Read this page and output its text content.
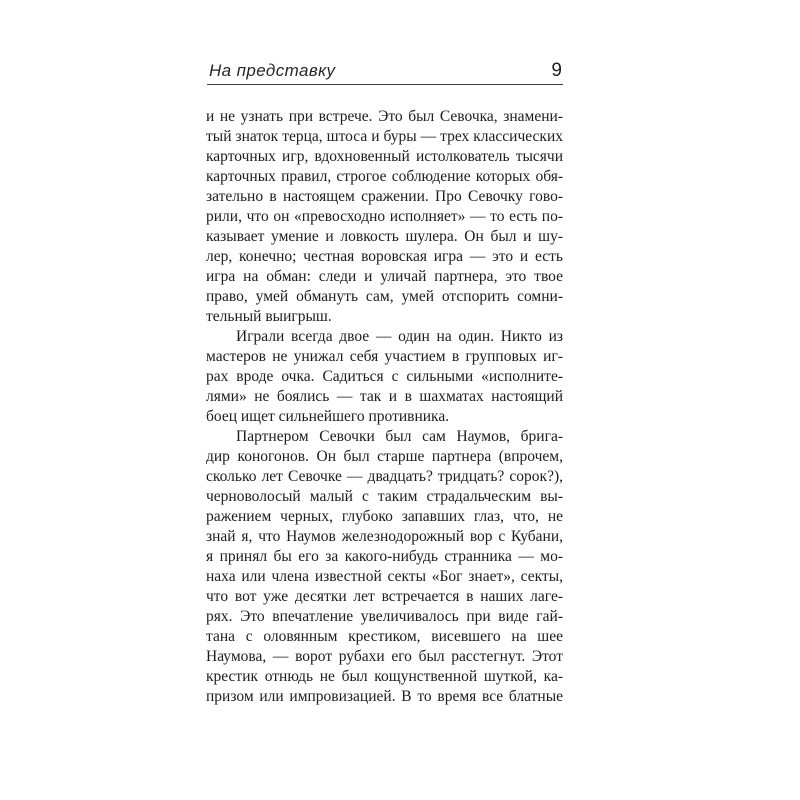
На представку	9
и не узнать при встрече. Это был Севочка, знамени-
тый знаток терца, штоса и буры — трех классических
карточных игр, вдохновенный истолкователь тысячи
карточных правил, строгое соблюдение которых обя-
зательно в настоящем сражении. Про Севочку гово-
рили, что он «превосходно исполняет» — то есть по-
казывает умение и ловкость шулера. Он был и шу-
лер, конечно; честная воровская игра — это и есть
игра на обман: следи и уличай партнера, это твое
право, умей обмануть сам, умей отспорить сомни-
тельный выигрыш.
Играли всегда двое — один на один. Никто из
мастеров не унижал себя участием в групповых иг-
рах вроде очка. Садиться с сильными «исполните-
лями» не боялись — так и в шахматах настоящий
боец ищет сильнейшего противника.
Партнером Севочки был сам Наумов, брига-
дир коногонов. Он был старше партнера (впрочем,
сколько лет Севочке — двадцать? тридцать? сорок?),
черноволосый малый с таким страдальческим вы-
ражением черных, глубоко запавших глаз, что, не
знай я, что Наумов железнодорожный вор с Кубани,
я принял бы его за какого-нибудь странника — мо-
наха или члена известной секты «Бог знает», секты,
что вот уже десятки лет встречается в наших лаге-
рях. Это впечатление увеличивалось при виде гай-
тана с оловянным крестиком, висевшего на шее
Наумова, — ворот рубахи его был расстегнут. Этот
крестик отнюдь не был кощунственной шуткой, ка-
призом или импровизацией. В то время все блатные
